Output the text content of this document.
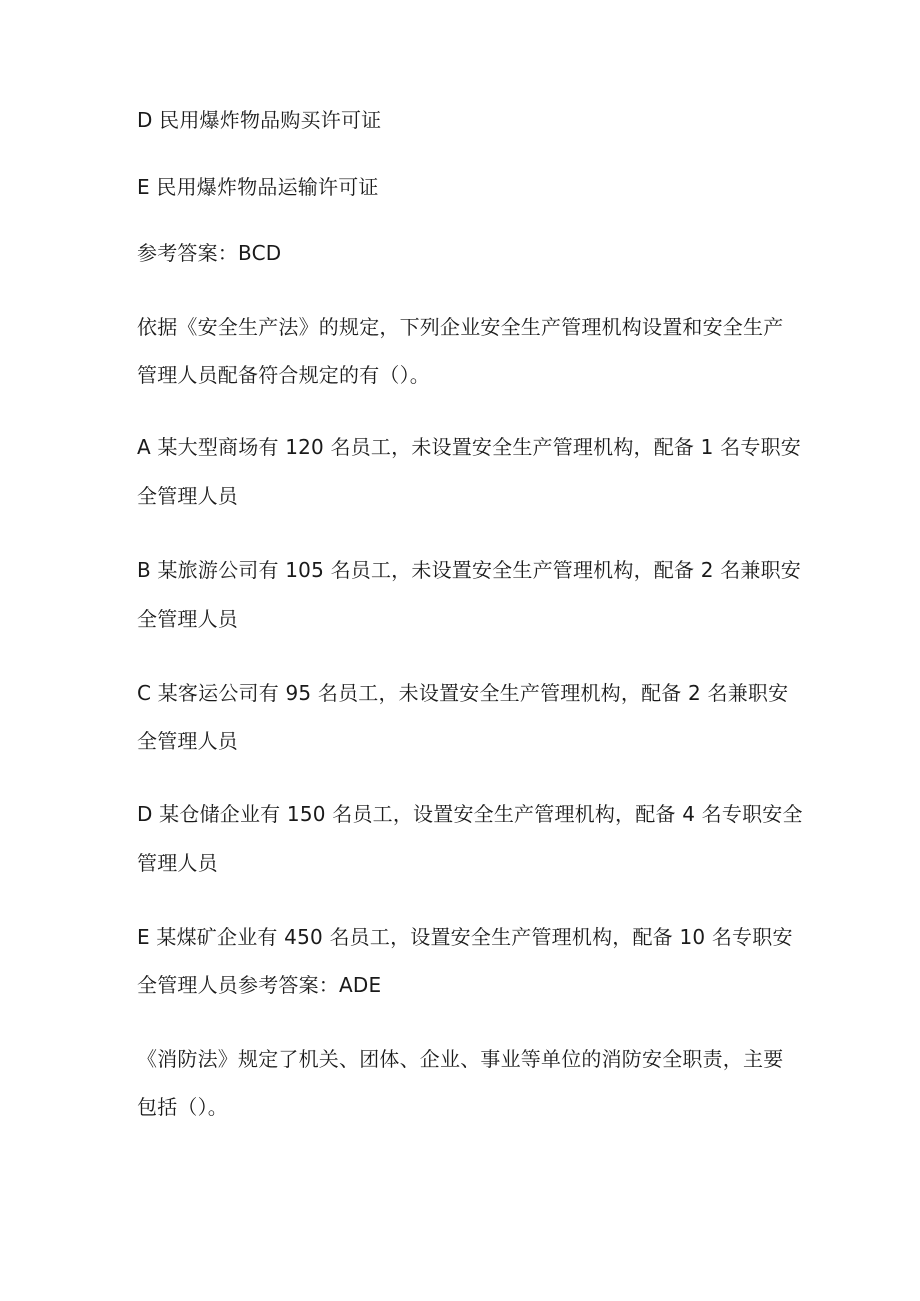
D 民用爆炸物品购买许可证
E 民用爆炸物品运输许可证
参考答案：BCD
依据《安全生产法》的规定，下列企业安全生产管理机构设置和安全生产
管理人员配备符合规定的有（）。
A 某大型商场有 120 名员工，未设置安全生产管理机构，配备 1 名专职安
全管理人员
B 某旅游公司有 105 名员工，未设置安全生产管理机构，配备 2 名兼职安
全管理人员
C 某客运公司有 95 名员工，未设置安全生产管理机构，配备 2 名兼职安
全管理人员
D 某仓储企业有 150 名员工，设置安全生产管理机构，配备 4 名专职安全
管理人员
E 某煤矿企业有 450 名员工，设置安全生产管理机构，配备 10 名专职安
全管理人员参考答案：ADE
《消防法》规定了机关、团体、企业、事业等单位的消防安全职责，主要
包括（）。
